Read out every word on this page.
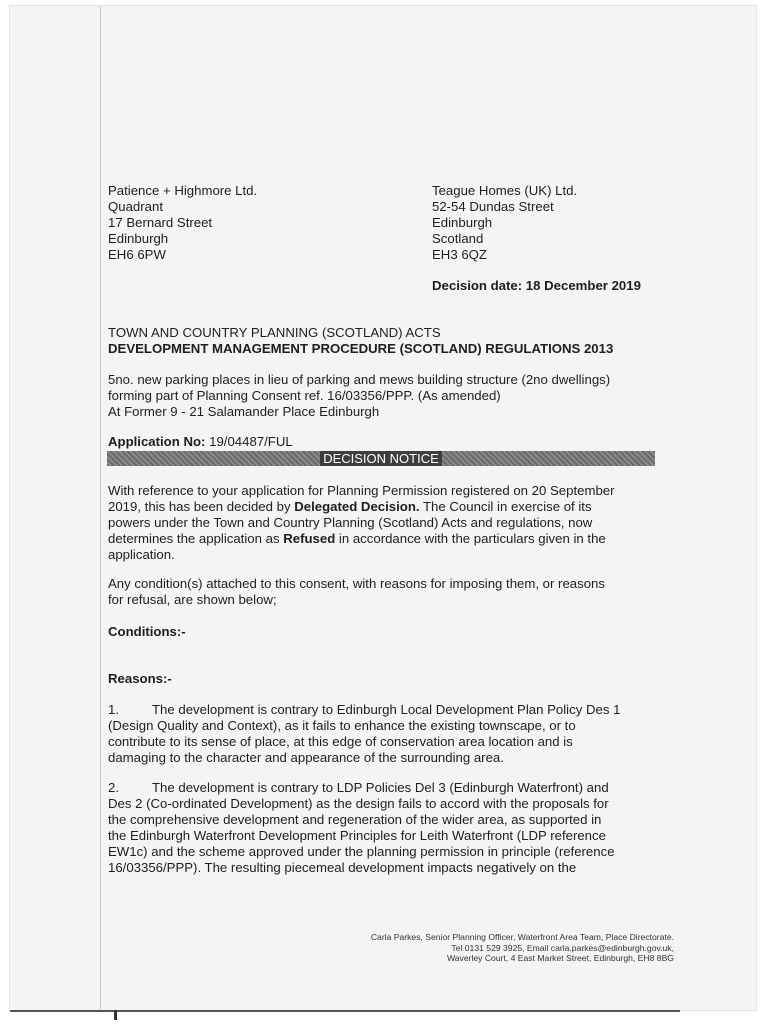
Patience + Highmore Ltd.
Quadrant
17 Bernard Street
Edinburgh
EH6 6PW
Teague Homes (UK) Ltd.
52-54 Dundas Street
Edinburgh
Scotland
EH3 6QZ
Decision date: 18 December 2019
TOWN AND COUNTRY PLANNING (SCOTLAND) ACTS
DEVELOPMENT MANAGEMENT PROCEDURE (SCOTLAND) REGULATIONS 2013
5no. new parking places in lieu of parking and mews building structure (2no dwellings)
forming part of Planning Consent ref. 16/03356/PPP. (As amended)
At Former 9 - 21 Salamander Place Edinburgh
Application No: 19/04487/FUL
DECISION NOTICE
With reference to your application for Planning Permission registered on 20 September
2019, this has been decided by Delegated Decision. The Council in exercise of its
powers under the Town and Country Planning (Scotland) Acts and regulations, now
determines the application as Refused in accordance with the particulars given in the
application.
Any condition(s) attached to this consent, with reasons for imposing them, or reasons
for refusal, are shown below;
Conditions:-
Reasons:-
1.	The development is contrary to Edinburgh Local Development Plan Policy Des 1
(Design Quality and Context), as it fails to enhance the existing townscape, or to
contribute to its sense of place, at this edge of conservation area location and is
damaging to the character and appearance of the surrounding area.
2.	The development is contrary to LDP Policies Del 3 (Edinburgh Waterfront) and
Des 2 (Co-ordinated Development) as the design fails to accord with the proposals for
the comprehensive development and regeneration of the wider area, as supported in
the Edinburgh Waterfront Development Principles for Leith Waterfront (LDP reference
EW1c) and the scheme approved under the planning permission in principle (reference
16/03356/PPP). The resulting piecemeal development impacts negatively on the
Carla Parkes, Senior Planning Officer, Waterfront Area Team, Place Directorate.
Tel 0131 529 3925, Email carla.parkes@edinburgh.gov.uk,
Waverley Court, 4 East Market Street, Edinburgh, EH8 8BG
